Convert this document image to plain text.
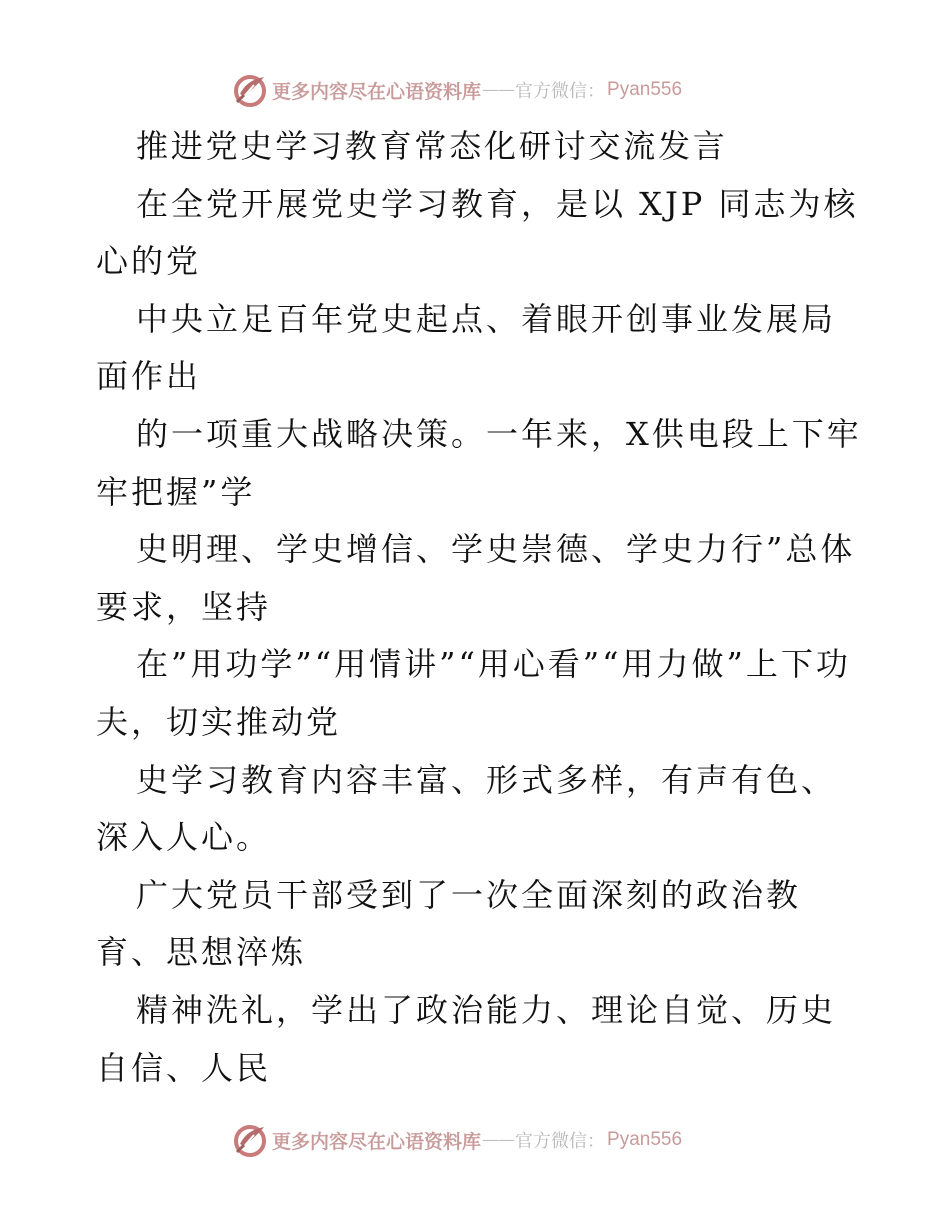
更多内容尽在心语资料库 —— 官方微信： Pyan556

推进党史学习教育常态化研讨交流发言

在全党开展党史学习教育，是以 XJP 同志为核心的党

中央立足百年党史起点、着眼开创事业发展局面作出

的一项重大战略决策。一年来，X供电段上下牢牢把握”学

史明理、学史增信、学史崇德、学史力行”总体要求，坚持

在”用功学”“用情讲”“用心看”“用力做”上下功夫，切实推动党

史学习教育内容丰富、形式多样，有声有色、深入人心。

广大党员干部受到了一次全面深刻的政治教育、思想淬炼

精神洗礼，学出了政治能力、理论自觉、历史自信、人民

更多内容尽在心语资料库 —— 官方微信： Pyan556
